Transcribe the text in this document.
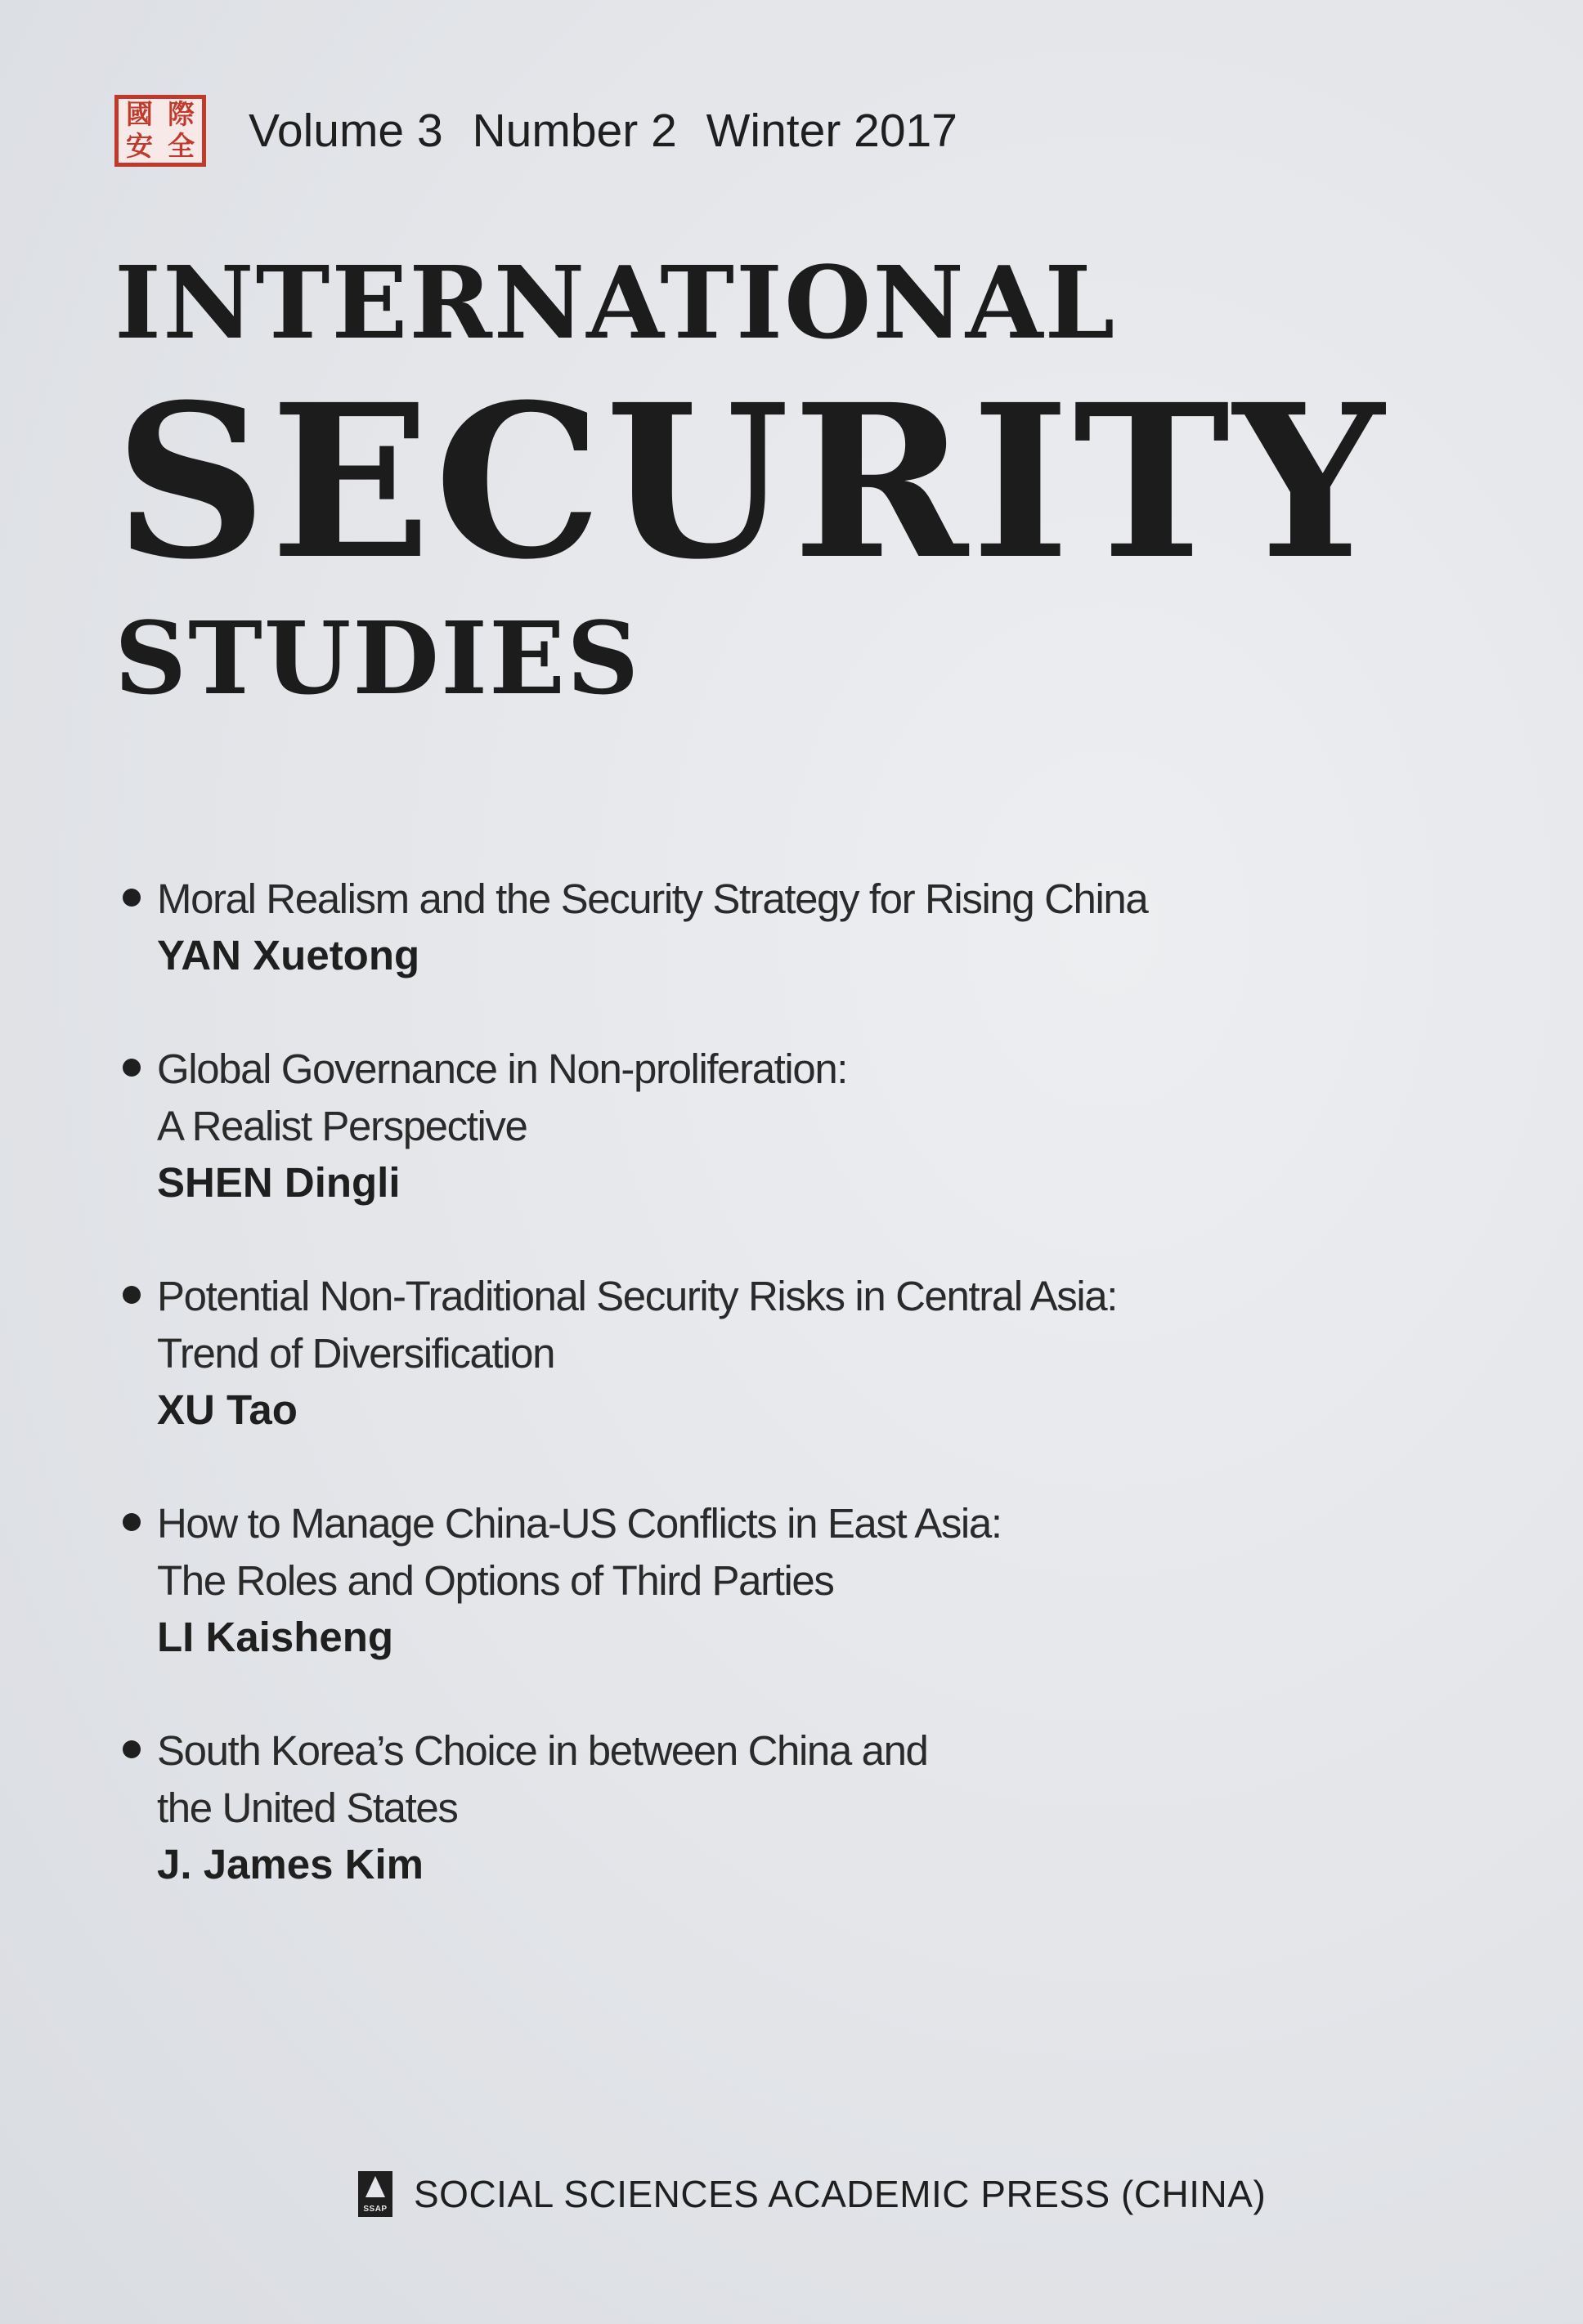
國 際
安 全 Volume 3 Number 2 Winter 2017
INTERNATIONAL
SECURITY
STUDIES
Moral Realism and the Security Strategy for Rising China
YAN Xuetong
Global Governance in Non-proliferation:
A Realist Perspective
SHEN Dingli
Potential Non-Traditional Security Risks in Central Asia:
Trend of Diversification
XU Tao
How to Manage China-US Conflicts in East Asia:
The Roles and Options of Third Parties
LI Kaisheng
South Korea’s Choice in between China and
the United States
J. James Kim
SSAP SOCIAL SCIENCES ACADEMIC PRESS (CHINA)
